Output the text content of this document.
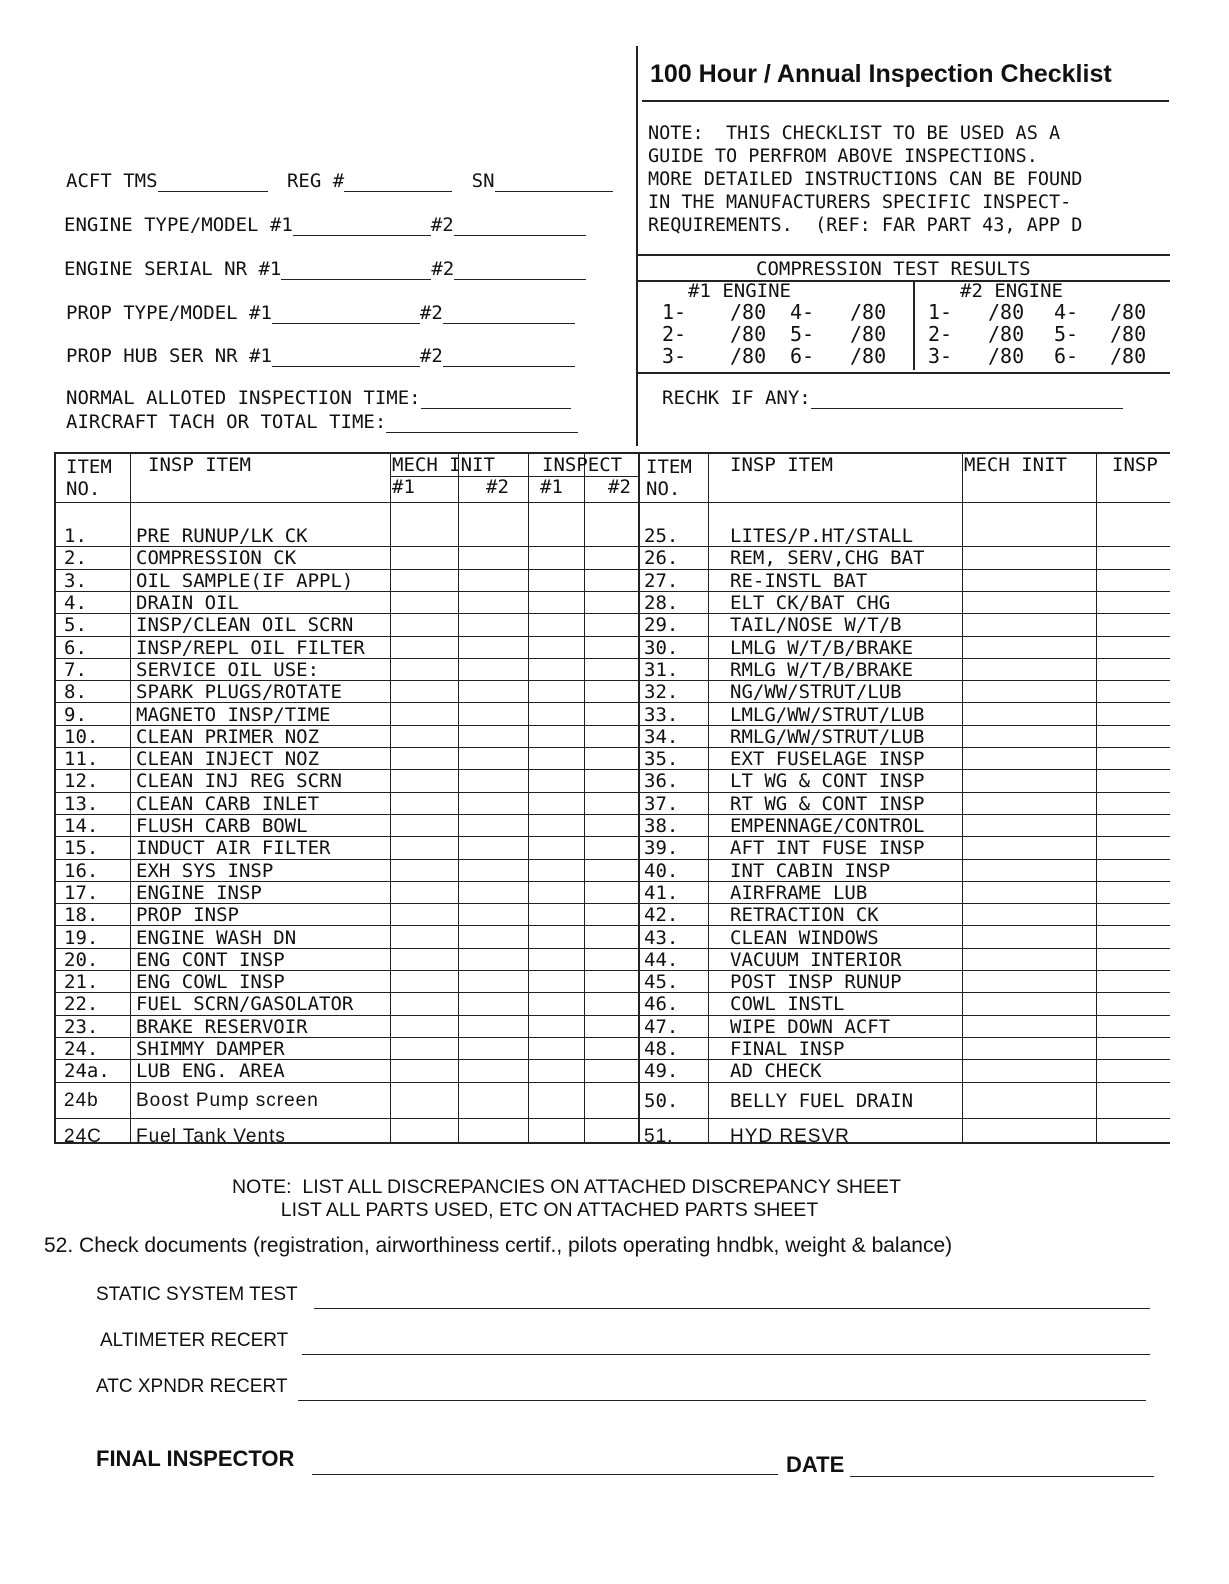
100 Hour / Annual Inspection Checklist
NOTE:  THIS CHECKLIST TO BE USED AS A
GUIDE TO PERFROM ABOVE INSPECTIONS.
MORE DETAILED INSTRUCTIONS CAN BE FOUND
IN THE MANUFACTURERS SPECIFIC INSPECT-
REQUIREMENTS.  (REF: FAR PART 43, APP D
ACFT TMS	REG #	SN
ENGINE TYPE/MODEL #1	#2
ENGINE SERIAL NR #1	#2
PROP TYPE/MODEL #1	#2
PROP HUB SER NR #1	#2
NORMAL ALLOTED INSPECTION TIME:
AIRCRAFT TACH OR TOTAL TIME:
RECHK IF ANY:
COMPRESSION TEST RESULTS
#1 ENGINE	#2 ENGINE
1- /80 4- /80 1- /80 4- /80
2- /80 5- /80 2- /80 5- /80
3- /80 6- /80 3- /80 6- /80
ITEM
NO.
INSP ITEM	MECH INIT INSPECT
#1	#2 #1 #2
1.	PRE RUNUP/LK CK
2.	COMPRESSION CK
3.	OIL SAMPLE(IF APPL)
4.	DRAIN OIL
5.	INSP/CLEAN OIL SCRN
6.	INSP/REPL OIL FILTER
7.	SERVICE OIL USE:
8.	SPARK PLUGS/ROTATE
9.	MAGNETO INSP/TIME
10. CLEAN PRIMER NOZ
11. CLEAN INJECT NOZ
12. CLEAN INJ REG SCRN
13. CLEAN CARB INLET
14. FLUSH CARB BOWL
15. INDUCT AIR FILTER
16. EXH SYS INSP
17. ENGINE INSP
18. PROP INSP
19. ENGINE WASH DN
20. ENG CONT INSP
21. ENG COWL INSP
22. FUEL SCRN/GASOLATOR
23. BRAKE RESERVOIR
24. SHIMMY DAMPER
24a. LUB ENG. AREA
24b Boost Pump screen
24C Fuel Tank Vents
ITEM
NO.
INSP ITEM	MECH INIT INSP
25.	LITES/P.HT/STALL
26.	REM, SERV,CHG BAT
27.	RE-INSTL BAT
28.	ELT CK/BAT CHG
29.	TAIL/NOSE W/T/B
30.	LMLG W/T/B/BRAKE
31.	RMLG W/T/B/BRAKE
32.	NG/WW/STRUT/LUB
33.	LMLG/WW/STRUT/LUB
34.	RMLG/WW/STRUT/LUB
35.	EXT FUSELAGE INSP
36.	LT WG & CONT INSP
37.	RT WG & CONT INSP
38.	EMPENNAGE/CONTROL
39.	AFT INT FUSE INSP
40.	INT CABIN INSP
41.	AIRFRAME LUB
42.	RETRACTION CK
43.	CLEAN WINDOWS
44.	VACUUM INTERIOR
45.	POST INSP RUNUP
46.	COWL INSTL
47.	WIPE DOWN ACFT
48.	FINAL INSP
49.	AD CHECK
50.	BELLY FUEL DRAIN
51.	HYD RESVR
NOTE:  LIST ALL DISCREPANCIES ON ATTACHED DISCREPANCY SHEET
LIST ALL PARTS USED, ETC ON ATTACHED PARTS SHEET
52. Check documents (registration, airworthiness certif., pilots operating hndbk, weight & balance)
STATIC SYSTEM TEST
ALTIMETER RECERT
ATC XPNDR RECERT
FINAL INSPECTOR	DATE
